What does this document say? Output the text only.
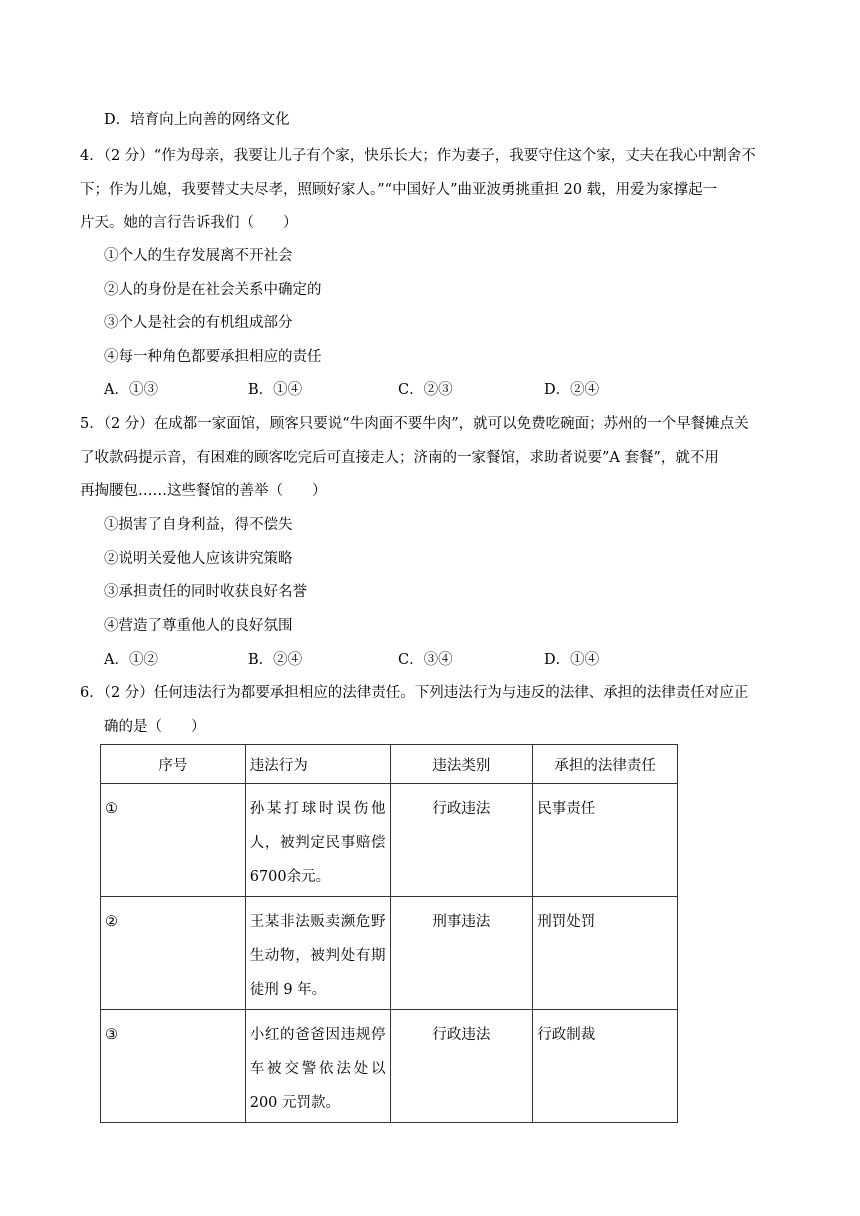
D．培育向上向善的网络文化
4．（2 分）“作为母亲，我要让儿子有个家，快乐长大；作为妻子，我要守住这个家，丈夫在我心中割舍不
下；作为儿媳，我要替丈夫尽孝，照顾好家人。”“中国好人”曲亚波勇挑重担 20 载，用爱为家撑起一
片天。她的言行告诉我们（　　）
①个人的生存发展离不开社会
②人的身份是在社会关系中确定的
③个人是社会的有机组成部分
④每一种角色都要承担相应的责任
A．①③	B．①④	C．②③	D．②④
5．（2 分）在成都一家面馆，顾客只要说“牛肉面不要牛肉”，就可以免费吃碗面；苏州的一个早餐摊点关
了收款码提示音，有困难的顾客吃完后可直接走人；济南的一家餐馆，求助者说要”A 套餐”，就不用
再掏腰包……这些餐馆的善举（　　）
①损害了自身利益，得不偿失
②说明关爱他人应该讲究策略
③承担责任的同时收获良好名誉
④营造了尊重他人的良好氛围
A．①②	B．②④	C．③④	D．①④
6．（2 分）任何违法行为都要承担相应的法律责任。下列违法行为与违反的法律、承担的法律责任对应正
确的是（　　）
序号	违法行为	违法类别	承担的法律责任
①	孙某打球时误伤他人，被判定民事赔偿6700余元。	行政违法	民事责任
②	王某非法贩卖濒危野生动物，被判处有期徒刑 9 年。	刑事违法	刑罚处罚
③	小红的爸爸因违规停车被交警依法处以200 元罚款。	行政违法	行政制裁
